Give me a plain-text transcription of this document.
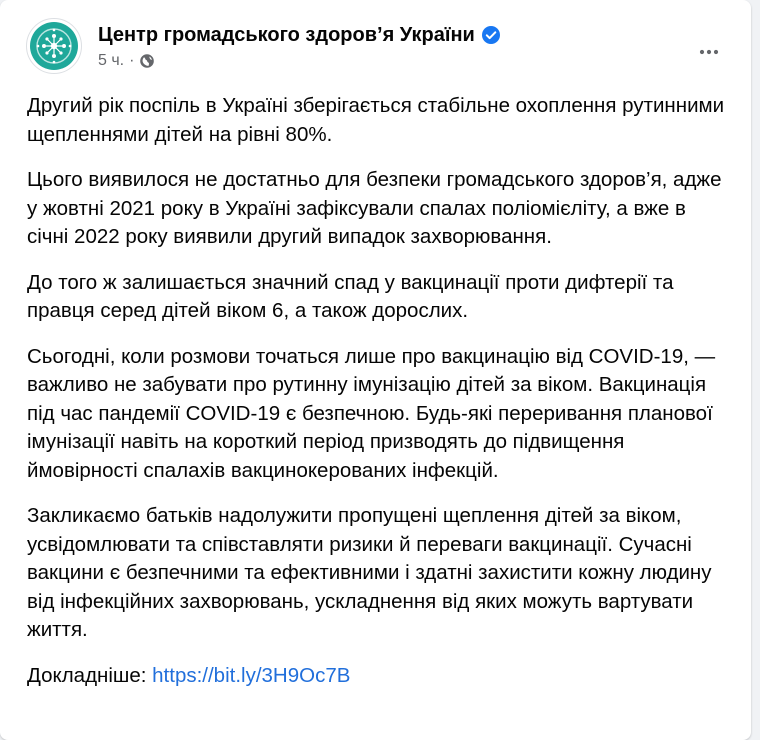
Центр громадського здоров’я України
5 ч. ·

Другий рік поспіль в Україні зберігається стабільне охоплення рутинними щепленнями дітей на рівні 80%.

Цього виявилося не достатньо для безпеки громадського здоров’я, адже у жовтні 2021 року в Україні зафіксували спалах поліомієліту, а вже в січні 2022 року виявили другий випадок захворювання.

До того ж залишається значний спад у вакцинації проти дифтерії та правця серед дітей віком 6, а також дорослих.

Сьогодні, коли розмови точаться лише про вакцинацію від COVID-19, — важливо не забувати про рутинну імунізацію дітей за віком. Вакцинація під час пандемії COVID-19 є безпечною. Будь-які переривання планової імунізації навіть на короткий період призводять до підвищення ймовірності спалахів вакцинокерованих інфекцій.

Закликаємо батьків надолужити пропущені щеплення дітей за віком, усвідомлювати та співставляти ризики й переваги вакцинації. Сучасні вакцини є безпечними та ефективними і здатні захистити кожну людину від інфекційних захворювань, ускладнення від яких можуть вартувати життя.

Докладніше: https://bit.ly/3H9Oc7B
